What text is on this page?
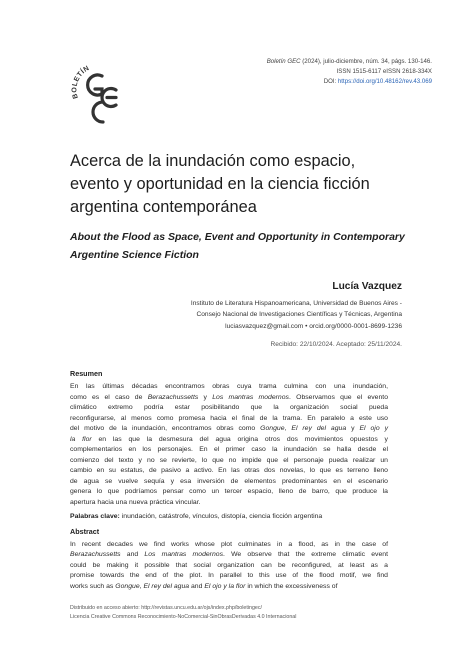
BOLETÍN
Boletín GEC (2024), julio-diciembre, núm. 34, págs. 130-146.
ISSN 1515-6117 eISSN 2618-334X
DOI: https://doi.org/10.48162/rev.43.069
Acerca de la inundación como espacio,
evento y oportunidad en la ciencia ficción
argentina contemporánea
About the Flood as Space, Event and Opportunity in Contemporary
Argentine Science Fiction
Lucía Vazquez
Instituto de Literatura Hispanoamericana, Universidad de Buenos Aires -
Consejo Nacional de Investigaciones Científicas y Técnicas, Argentina
luciasvazquez@gmail.com • orcid.org/0000-0001-8699-1236
Recibido: 22/10/2024. Aceptado: 25/11/2024.
Resumen
En las últimas décadas encontramos obras cuya trama culmina con una inundación,
como es el caso de Berazachussetts y Los mantras modernos. Observamos que el evento
climático extremo podría estar posibilitando que la organización social pueda
reconfigurarse, al menos como promesa hacia el final de la trama. En paralelo a este uso
del motivo de la inundación, encontramos obras como Gongue, El rey del agua y El ojo y
la flor en las que la desmesura del agua origina otros dos movimientos opuestos y
complementarios en los personajes. En el primer caso la inundación se halla desde el
comienzo del texto y no se revierte, lo que no impide que el personaje pueda realizar un
cambio en su estatus, de pasivo a activo. En las otras dos novelas, lo que es terreno lleno
de agua se vuelve sequía y esa inversión de elementos predominantes en el escenario
genera lo que podríamos pensar como un tercer espacio, lleno de barro, que produce la
apertura hacia una nueva práctica vincular.
Palabras clave: inundación, catástrofe, vínculos, distopía, ciencia ficción argentina
Abstract
In recent decades we find works whose plot culminates in a flood, as in the case of
Berazachussetts and Los mantras modernos. We observe that the extreme climatic event
could be making it possible that social organization can be reconfigured, at least as a
promise towards the end of the plot. In parallel to this use of the flood motif, we find
works such as Gongue, El rey del agua and El ojo y la flor in which the excessiveness of
Distribuido en acceso abierto: http://revistas.uncu.edu.ar/ojs/index.php/boletingec/
Licencia Creative Commons Reconocimiento-NoComercial-SinObrasDerivadas 4.0 Internacional
